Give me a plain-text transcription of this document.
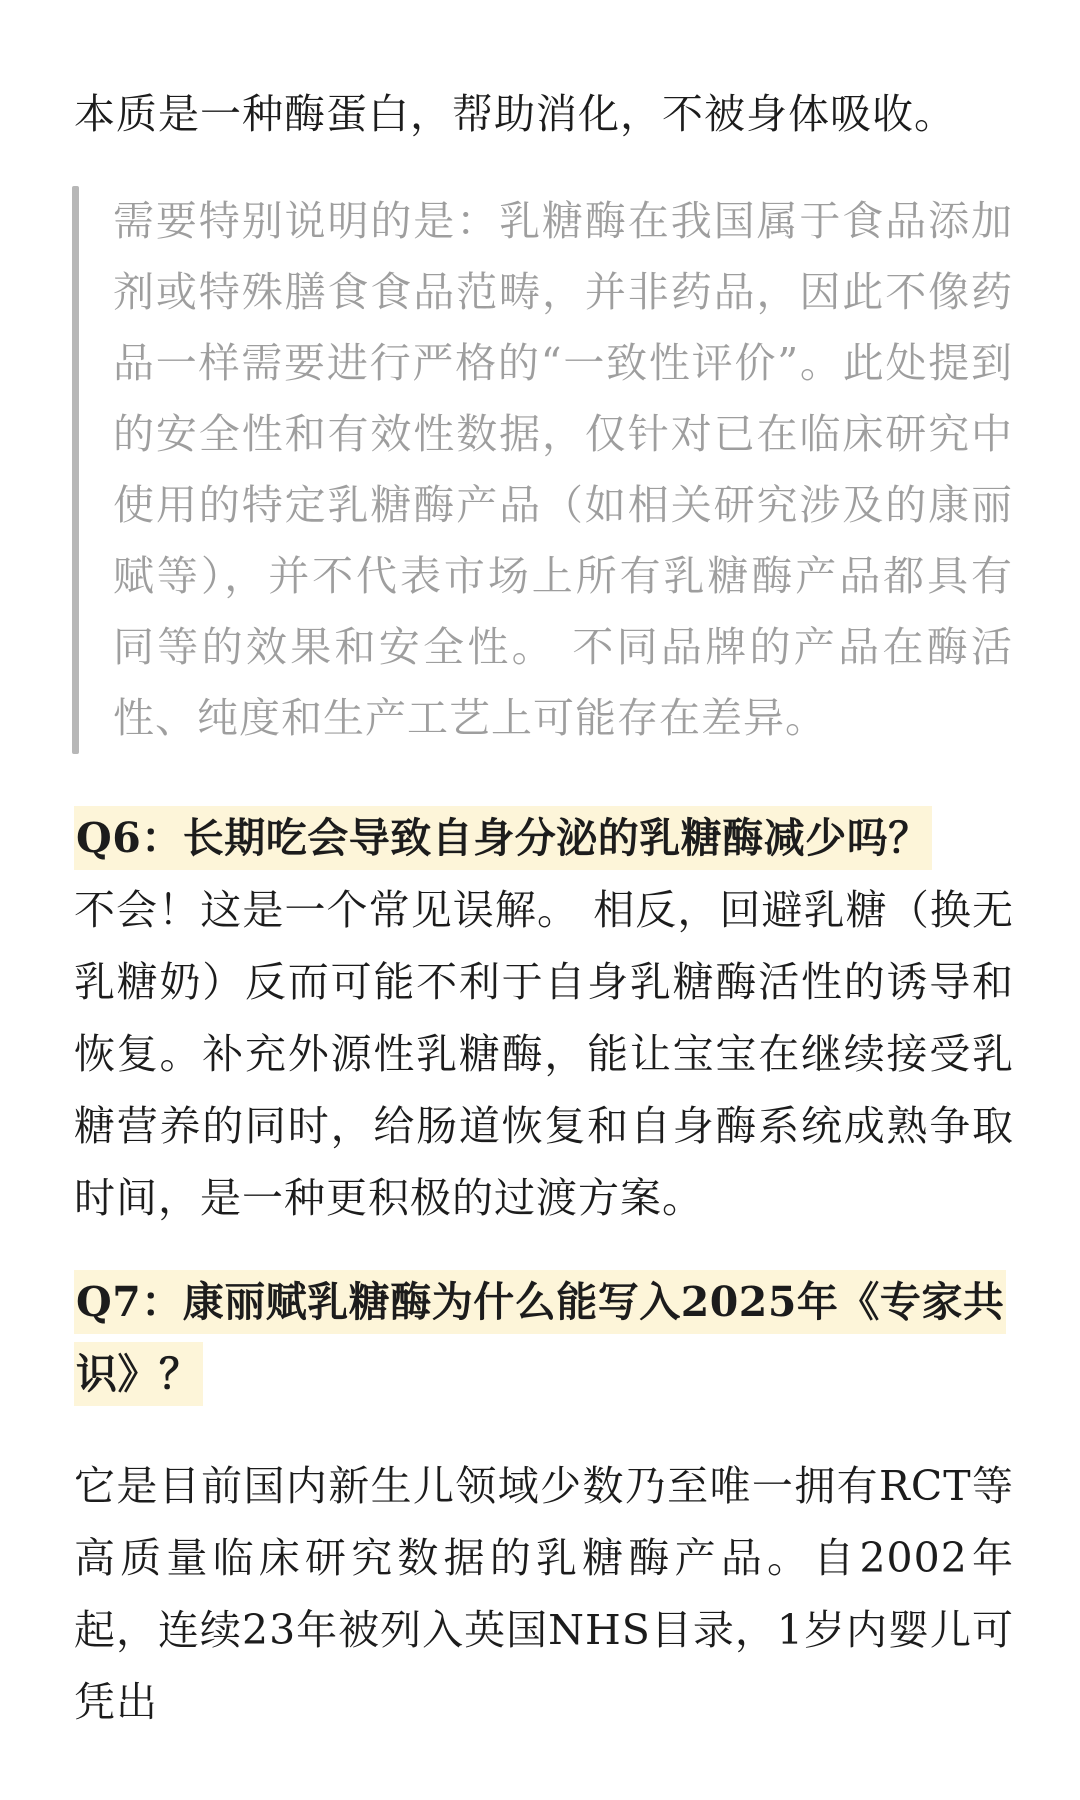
本质是一种酶蛋白，帮助消化，不被身体吸收。

需要特别说明的是：乳糖酶在我国属于食品添加剂或特殊膳食食品范畴，并非药品，因此不像药品一样需要进行严格的“一致性评价”。此处提到的安全性和有效性数据，仅针对已在临床研究中使用的特定乳糖酶产品（如相关研究涉及的康丽赋等），并不代表市场上所有乳糖酶产品都具有同等的效果和安全性。 不同品牌的产品在酶活性、纯度和生产工艺上可能存在差异。

Q6：长期吃会导致自身分泌的乳糖酶减少吗？

不会！这是一个常见误解。 相反，回避乳糖（换无乳糖奶）反而可能不利于自身乳糖酶活性的诱导和恢复。补充外源性乳糖酶，能让宝宝在继续接受乳糖营养的同时，给肠道恢复和自身酶系统成熟争取时间，是一种更积极的过渡方案。

Q7：康丽赋乳糖酶为什么能写入2025年《专家共识》？

它是目前国内新生儿领域少数乃至唯一拥有RCT等高质量临床研究数据的乳糖酶产品。自2002年起，连续23年被列入英国NHS目录，1岁内婴儿可凭出
